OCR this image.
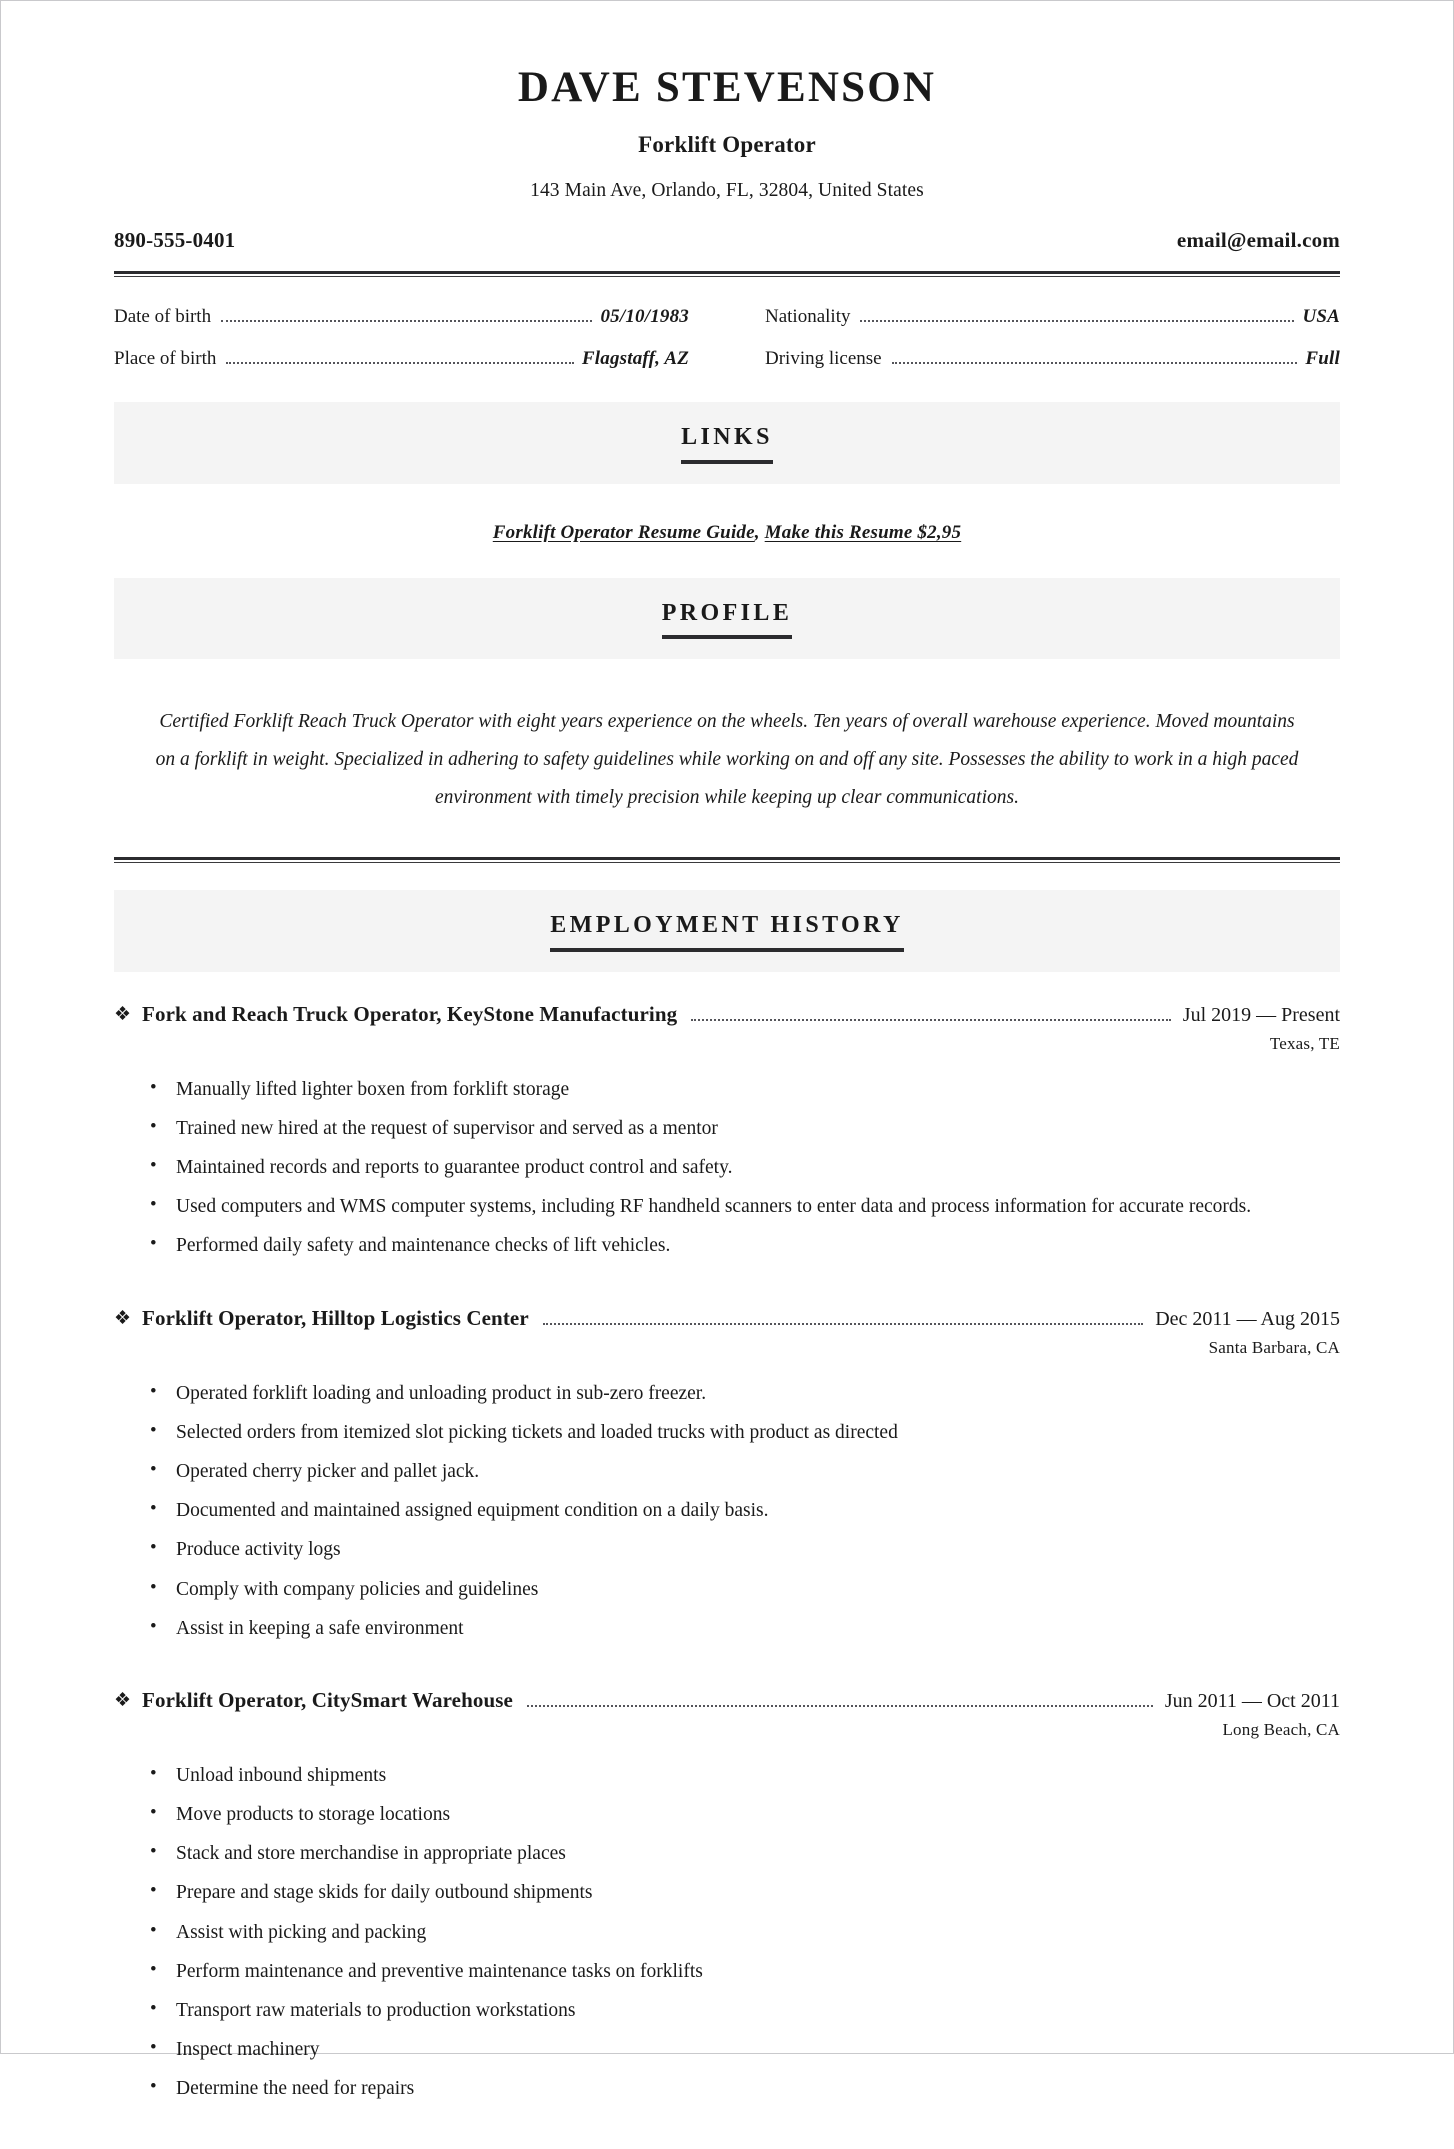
DAVE STEVENSON
Forklift Operator
143 Main Ave, Orlando, FL, 32804, United States
890-555-0401	email@email.com
Date of birth	05/10/1983
Place of birth	Flagstaff, AZ
Nationality	USA
Driving license	Full
LINKS
Forklift Operator Resume Guide, Make this Resume $2,95
PROFILE
Certified Forklift Reach Truck Operator with eight years experience on the wheels. Ten years of overall warehouse experience. Moved mountains on a forklift in weight. Specialized in adhering to safety guidelines while working on and off any site. Possesses the ability to work in a high paced environment with timely precision while keeping up clear communications.
EMPLOYMENT HISTORY
❖ Fork and Reach Truck Operator, KeyStone Manufacturing	Jul 2019 — Present
Texas, TE
• Manually lifted lighter boxen from forklift storage
• Trained new hired at the request of supervisor and served as a mentor
• Maintained records and reports to guarantee product control and safety.
• Used computers and WMS computer systems, including RF handheld scanners to enter data and process information for accurate records.
• Performed daily safety and maintenance checks of lift vehicles.
❖ Forklift Operator, Hilltop Logistics Center	Dec 2011 — Aug 2015
Santa Barbara, CA
• Operated forklift loading and unloading product in sub-zero freezer.
• Selected orders from itemized slot picking tickets and loaded trucks with product as directed
• Operated cherry picker and pallet jack.
• Documented and maintained assigned equipment condition on a daily basis.
• Produce activity logs
• Comply with company policies and guidelines
• Assist in keeping a safe environment
❖ Forklift Operator, CitySmart Warehouse	Jun 2011 — Oct 2011
Long Beach, CA
• Unload inbound shipments
• Move products to storage locations
• Stack and store merchandise in appropriate places
• Prepare and stage skids for daily outbound shipments
• Assist with picking and packing
• Perform maintenance and preventive maintenance tasks on forklifts
• Transport raw materials to production workstations
• Inspect machinery
• Determine the need for repairs
